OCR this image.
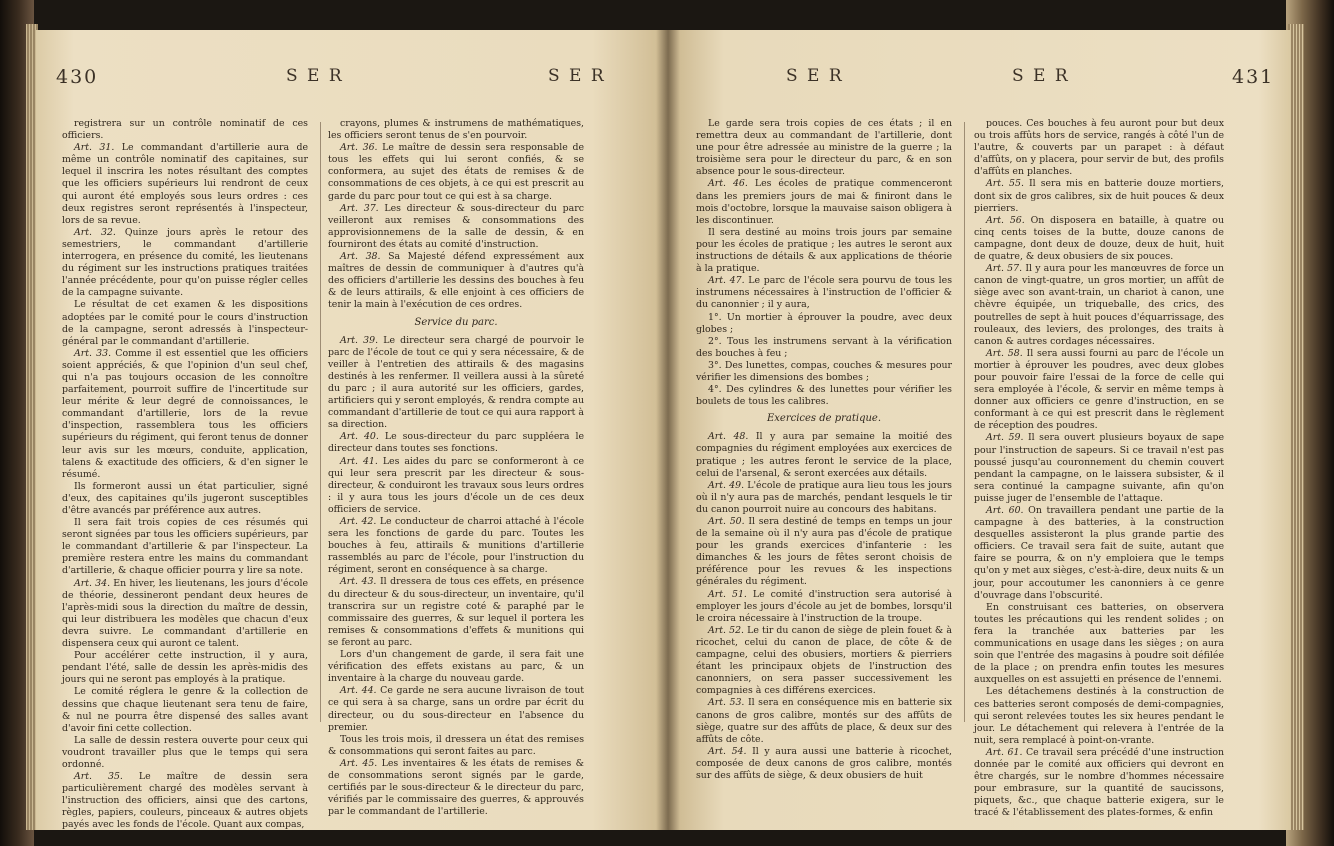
430	S E R	S E R

registrera sur un contrôle nominatif de ces officiers.

Art. 31. Le commandant d'artillerie aura de même un contrôle nominatif des capitaines, sur lequel il inscrira les notes résultant des comptes que les officiers supérieurs lui rendront de ceux qui auront été employés sous leurs ordres : ces deux registres seront représentés à l'inspecteur, lors de sa revue.

Art. 32. Quinze jours après le retour des semestriers, le commandant d'artillerie interrogera, en présence du comité, les lieutenans du régiment sur les instructions pratiques traitées l'année précédente, pour qu'on puisse régler celles de la campagne suivante.

Le résultat de cet examen & les dispositions adoptées par le comité pour le cours d'instruction de la campagne, seront adressés à l'inspecteur-général par le commandant d'artillerie.

Art. 33. Comme il est essentiel que les officiers soient appréciés, & que l'opinion d'un seul chef, qui n'a pas toujours occasion de les connoître parfaitement, pourroit suffire de l'incertitude sur leur mérite & leur degré de connoissances, le commandant d'artillerie, lors de la revue d'inspection, rassemblera tous les officiers supérieurs du régiment, qui feront tenus de donner leur avis sur les mœurs, conduite, application, talens & exactitude des officiers, & d'en signer le résumé.

Ils formeront aussi un état particulier, signé d'eux, des capitaines qu'ils jugeront susceptibles d'être avancés par préférence aux autres.

Il sera fait trois copies de ces résumés qui seront signées par tous les officiers supérieurs, par le commandant d'artillerie & par l'inspecteur. La première restera entre les mains du commandant d'artillerie, & chaque officier pourra y lire sa note.

Art. 34. En hiver, les lieutenans, les jours d'école de théorie, dessineront pendant deux heures de l'après-midi sous la direction du maître de dessin, qui leur distribuera les modèles que chacun d'eux devra suivre. Le commandant d'artillerie en dispensera ceux qui auront ce talent.

Pour accélérer cette instruction, il y aura, pendant l'été, salle de dessin les après-midis des jours qui ne seront pas employés à la pratique.

Le comité réglera le genre & la collection de dessins que chaque lieutenant sera tenu de faire, & nul ne pourra être dispensé des salles avant d'avoir fini cette collection.

La salle de dessin restera ouverte pour ceux qui voudront travailler plus que le temps qui sera ordonné.

Art. 35. Le maître de dessin sera particulièrement chargé des modèles servant à l'instruction des officiers, ainsi que des cartons, règles, papiers, couleurs, pinceaux & autres objets payés avec les fonds de l'école. Quant aux compas,

crayons, plumes & instrumens de mathématiques, les officiers seront tenus de s'en pourvoir.

Art. 36. Le maître de dessin sera responsable de tous les effets qui lui seront confiés, & se conformera, au sujet des états de remises & de consommations de ces objets, à ce qui est prescrit au garde du parc pour tout ce qui est à sa charge.

Art. 37. Les directeur & sous-directeur du parc veilleront aux remises & consommations des approvisionnemens de la salle de dessin, & en fourniront des états au comité d'instruction.

Art. 38. Sa Majesté défend expressément aux maîtres de dessin de communiquer à d'autres qu'à des officiers d'artillerie les dessins des bouches à feu & de leurs attirails, & elle enjoint à ces officiers de tenir la main à l'exécution de ces ordres.

Service du parc.

Art. 39. Le directeur sera chargé de pourvoir le parc de l'école de tout ce qui y sera nécessaire, & de veiller à l'entretien des attirails & des magasins destinés à les renfermer. Il veillera aussi à la sûreté du parc ; il aura autorité sur les officiers, gardes, artificiers qui y seront employés, & rendra compte au commandant d'artillerie de tout ce qui aura rapport à sa direction.

Art. 40. Le sous-directeur du parc suppléera le directeur dans toutes ses fonctions.

Art. 41. Les aides du parc se conformeront à ce qui leur sera prescrit par les directeur & sous-directeur, & conduiront les travaux sous leurs ordres : il y aura tous les jours d'école un de ces deux officiers de service.

Art. 42. Le conducteur de charroi attaché à l'école sera les fonctions de garde du parc. Toutes les bouches à feu, attirails & munitions d'artillerie rassemblés au parc de l'école, pour l'instruction du régiment, seront en conséquence à sa charge.

Art. 43. Il dressera de tous ces effets, en présence du directeur & du sous-directeur, un inventaire, qu'il transcrira sur un registre coté & paraphé par le commissaire des guerres, & sur lequel il portera les remises & consommations d'effets & munitions qui se feront au parc.

Lors d'un changement de garde, il sera fait une vérification des effets existans au parc, & un inventaire à la charge du nouveau garde.

Art. 44. Ce garde ne sera aucune livraison de tout ce qui sera à sa charge, sans un ordre par écrit du directeur, ou du sous-directeur en l'absence du premier.

Tous les trois mois, il dressera un état des remises & consommations qui seront faites au parc.

Art. 45. Les inventaires & les états de remises & de consommations seront signés par le garde, certifiés par le sous-directeur & le directeur du parc, vérifiés par le commissaire des guerres, & approuvés par le commandant de l'artillerie.

S E R	S E R	431

Le garde sera trois copies de ces états ; il en remettra deux au commandant de l'artillerie, dont une pour être adressée au ministre de la guerre ; la troisième sera pour le directeur du parc, & en son absence pour le sous-directeur.

Art. 46. Les écoles de pratique commenceront dans les premiers jours de mai & finiront dans le mois d'octobre, lorsque la mauvaise saison obligera à les discontinuer.

Il sera destiné au moins trois jours par semaine pour les écoles de pratique ; les autres le seront aux instructions de détails & aux applications de théorie à la pratique.

Art. 47. Le parc de l'école sera pourvu de tous les instrumens nécessaires à l'instruction de l'officier & du canonnier ; il y aura,

1°. Un mortier à éprouver la poudre, avec deux globes ;

2°. Tous les instrumens servant à la vérification des bouches à feu ;

3°. Des lunettes, compas, couches & mesures pour vérifier les dimensions des bombes ;

4°. Des cylindres & des lunettes pour vérifier les boulets de tous les calibres.

Exercices de pratique.

Art. 48. Il y aura par semaine la moitié des compagnies du régiment employées aux exercices de pratique ; les autres feront le service de la place, celui de l'arsenal, & seront exercées aux détails.

Art. 49. L'école de pratique aura lieu tous les jours où il n'y aura pas de marchés, pendant lesquels le tir du canon pourroit nuire au concours des habitans.

Art. 50. Il sera destiné de temps en temps un jour de la semaine où il n'y aura pas d'école de pratique pour les grands exercices d'infanterie : les dimanches & les jours de fêtes seront choisis de préférence pour les revues & les inspections générales du régiment.

Art. 51. Le comité d'instruction sera autorisé à employer les jours d'école au jet de bombes, lorsqu'il le croira nécessaire à l'instruction de la troupe.

Art. 52. Le tir du canon de siège de plein fouet & à ricochet, celui du canon de place, de côte & de campagne, celui des obusiers, mortiers & pierriers étant les principaux objets de l'instruction des canonniers, on sera passer successivement les compagnies à ces différens exercices.

Art. 53. Il sera en conséquence mis en batterie six canons de gros calibre, montés sur des affûts de siège, quatre sur des affûts de place, & deux sur des affûts de côte.

Art. 54. Il y aura aussi une batterie à ricochet, composée de deux canons de gros calibre, montés sur des affûts de siège, & deux obusiers de huit

pouces. Ces bouches à feu auront pour but deux ou trois affûts hors de service, rangés à côté l'un de l'autre, & couverts par un parapet : à défaut d'affûts, on y placera, pour servir de but, des profils d'affûts en planches.

Art. 55. Il sera mis en batterie douze mortiers, dont six de gros calibres, six de huit pouces & deux pierriers.

Art. 56. On disposera en bataille, à quatre ou cinq cents toises de la butte, douze canons de campagne, dont deux de douze, deux de huit, huit de quatre, & deux obusiers de six pouces.

Art. 57. Il y aura pour les manœuvres de force un canon de vingt-quatre, un gros mortier, un affût de siège avec son avant-train, un chariot à canon, une chèvre équipée, un triqueballe, des crics, des poutrelles de sept à huit pouces d'équarrissage, des rouleaux, des leviers, des prolonges, des traits à canon & autres cordages nécessaires.

Art. 58. Il sera aussi fourni au parc de l'école un mortier à éprouver les poudres, avec deux globes pour pouvoir faire l'essai de la force de celle qui sera employée à l'école, & servir en même temps à donner aux officiers ce genre d'instruction, en se conformant à ce qui est prescrit dans le règlement de réception des poudres.

Art. 59. Il sera ouvert plusieurs boyaux de sape pour l'instruction de sapeurs. Si ce travail n'est pas poussé jusqu'au couronnement du chemin couvert pendant la campagne, on le laissera subsister, & il sera continué la campagne suivante, afin qu'on puisse juger de l'ensemble de l'attaque.

Art. 60. On travaillera pendant une partie de la campagne à des batteries, à la construction desquelles assisteront la plus grande partie des officiers. Ce travail sera fait de suite, autant que faire se pourra, & on n'y emploiera que le temps qu'on y met aux sièges, c'est-à-dire, deux nuits & un jour, pour accoutumer les canonniers à ce genre d'ouvrage dans l'obscurité.

En construisant ces batteries, on observera toutes les précautions qui les rendent solides ; on fera la tranchée aux batteries par les communications en usage dans les sièges ; on aura soin que l'entrée des magasins à poudre soit défilée de la place ; on prendra enfin toutes les mesures auxquelles on est assujetti en présence de l'ennemi.

Les détachemens destinés à la construction de ces batteries seront composés de demi-compagnies, qui seront relevées toutes les six heures pendant le jour. Le détachement qui relevera à l'entrée de la nuit, sera remplacé à point-on-vrante.

Art. 61. Ce travail sera précédé d'une instruction donnée par le comité aux officiers qui devront en être chargés, sur le nombre d'hommes nécessaire pour embrasure, sur la quantité de saucissons, piquets, &c., que chaque batterie exigera, sur le tracé & l'établissement des plates-formes, & enfin
